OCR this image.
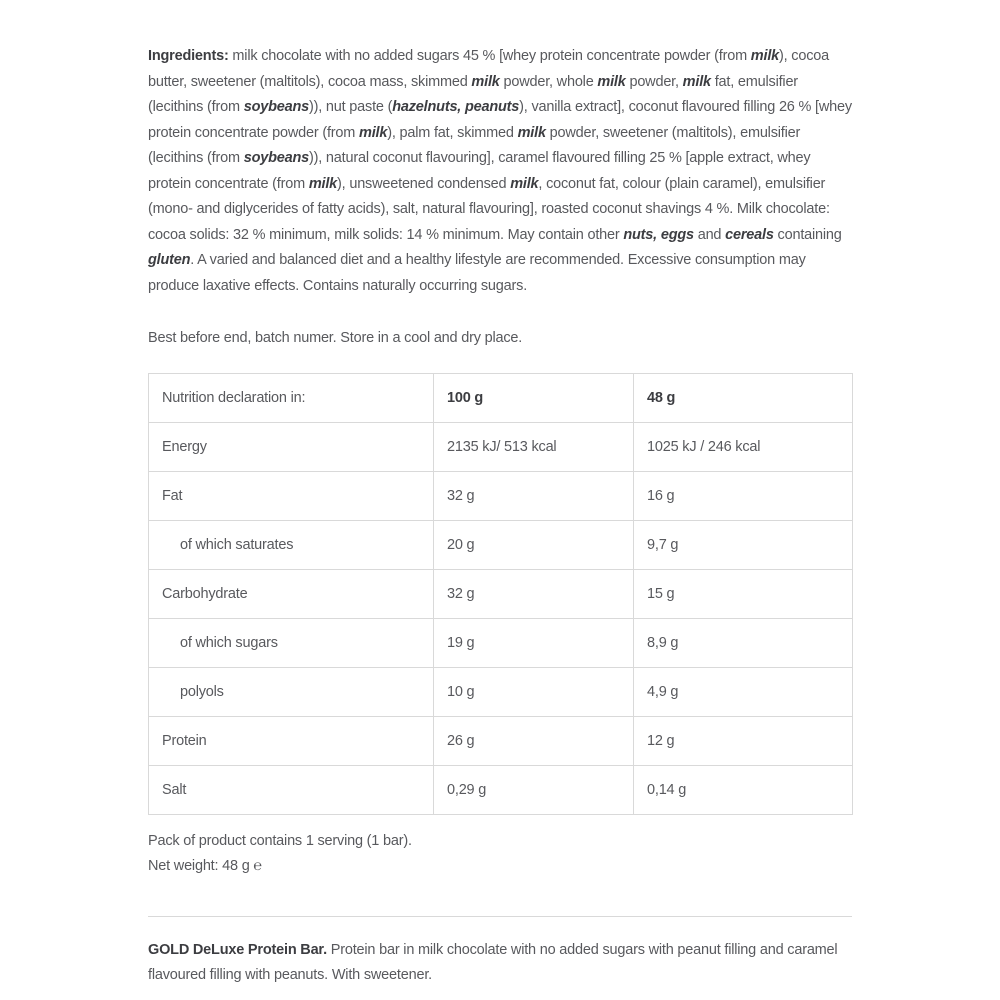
Ingredients: milk chocolate with no added sugars 45 % [whey protein concentrate powder (from milk), cocoa butter, sweetener (maltitols), cocoa mass, skimmed milk powder, whole milk powder, milk fat, emulsifier (lecithins (from soybeans)), nut paste (hazelnuts, peanuts), vanilla extract], coconut flavoured filling 26 % [whey protein concentrate powder (from milk), palm fat, skimmed milk powder, sweetener (maltitols), emulsifier (lecithins (from soybeans)), natural coconut flavouring], caramel flavoured filling 25 % [apple extract, whey protein concentrate (from milk), unsweetened condensed milk, coconut fat, colour (plain caramel), emulsifier (mono- and diglycerides of fatty acids), salt, natural flavouring], roasted coconut shavings 4 %. Milk chocolate: cocoa solids: 32 % minimum, milk solids: 14 % minimum. May contain other nuts, eggs and cereals containing gluten. A varied and balanced diet and a healthy lifestyle are recommended. Excessive consumption may produce laxative effects. Contains naturally occurring sugars.

Best before end, batch numer. Store in a cool and dry place.

Nutrition declaration in:	100 g	48 g
Energy	2135 kJ/ 513 kcal	1025 kJ / 246 kcal
Fat	32 g	16 g
of which saturates	20 g	9,7 g
Carbohydrate	32 g	15 g
of which sugars	19 g	8,9 g
polyols	10 g	4,9 g
Protein	26 g	12 g
Salt	0,29 g	0,14 g
Pack of product contains 1 serving (1 bar).
Net weight: 48 g ℮

GOLD DeLuxe Protein Bar. Protein bar in milk chocolate with no added sugars with peanut filling and caramel flavoured filling with peanuts. With sweetener.
